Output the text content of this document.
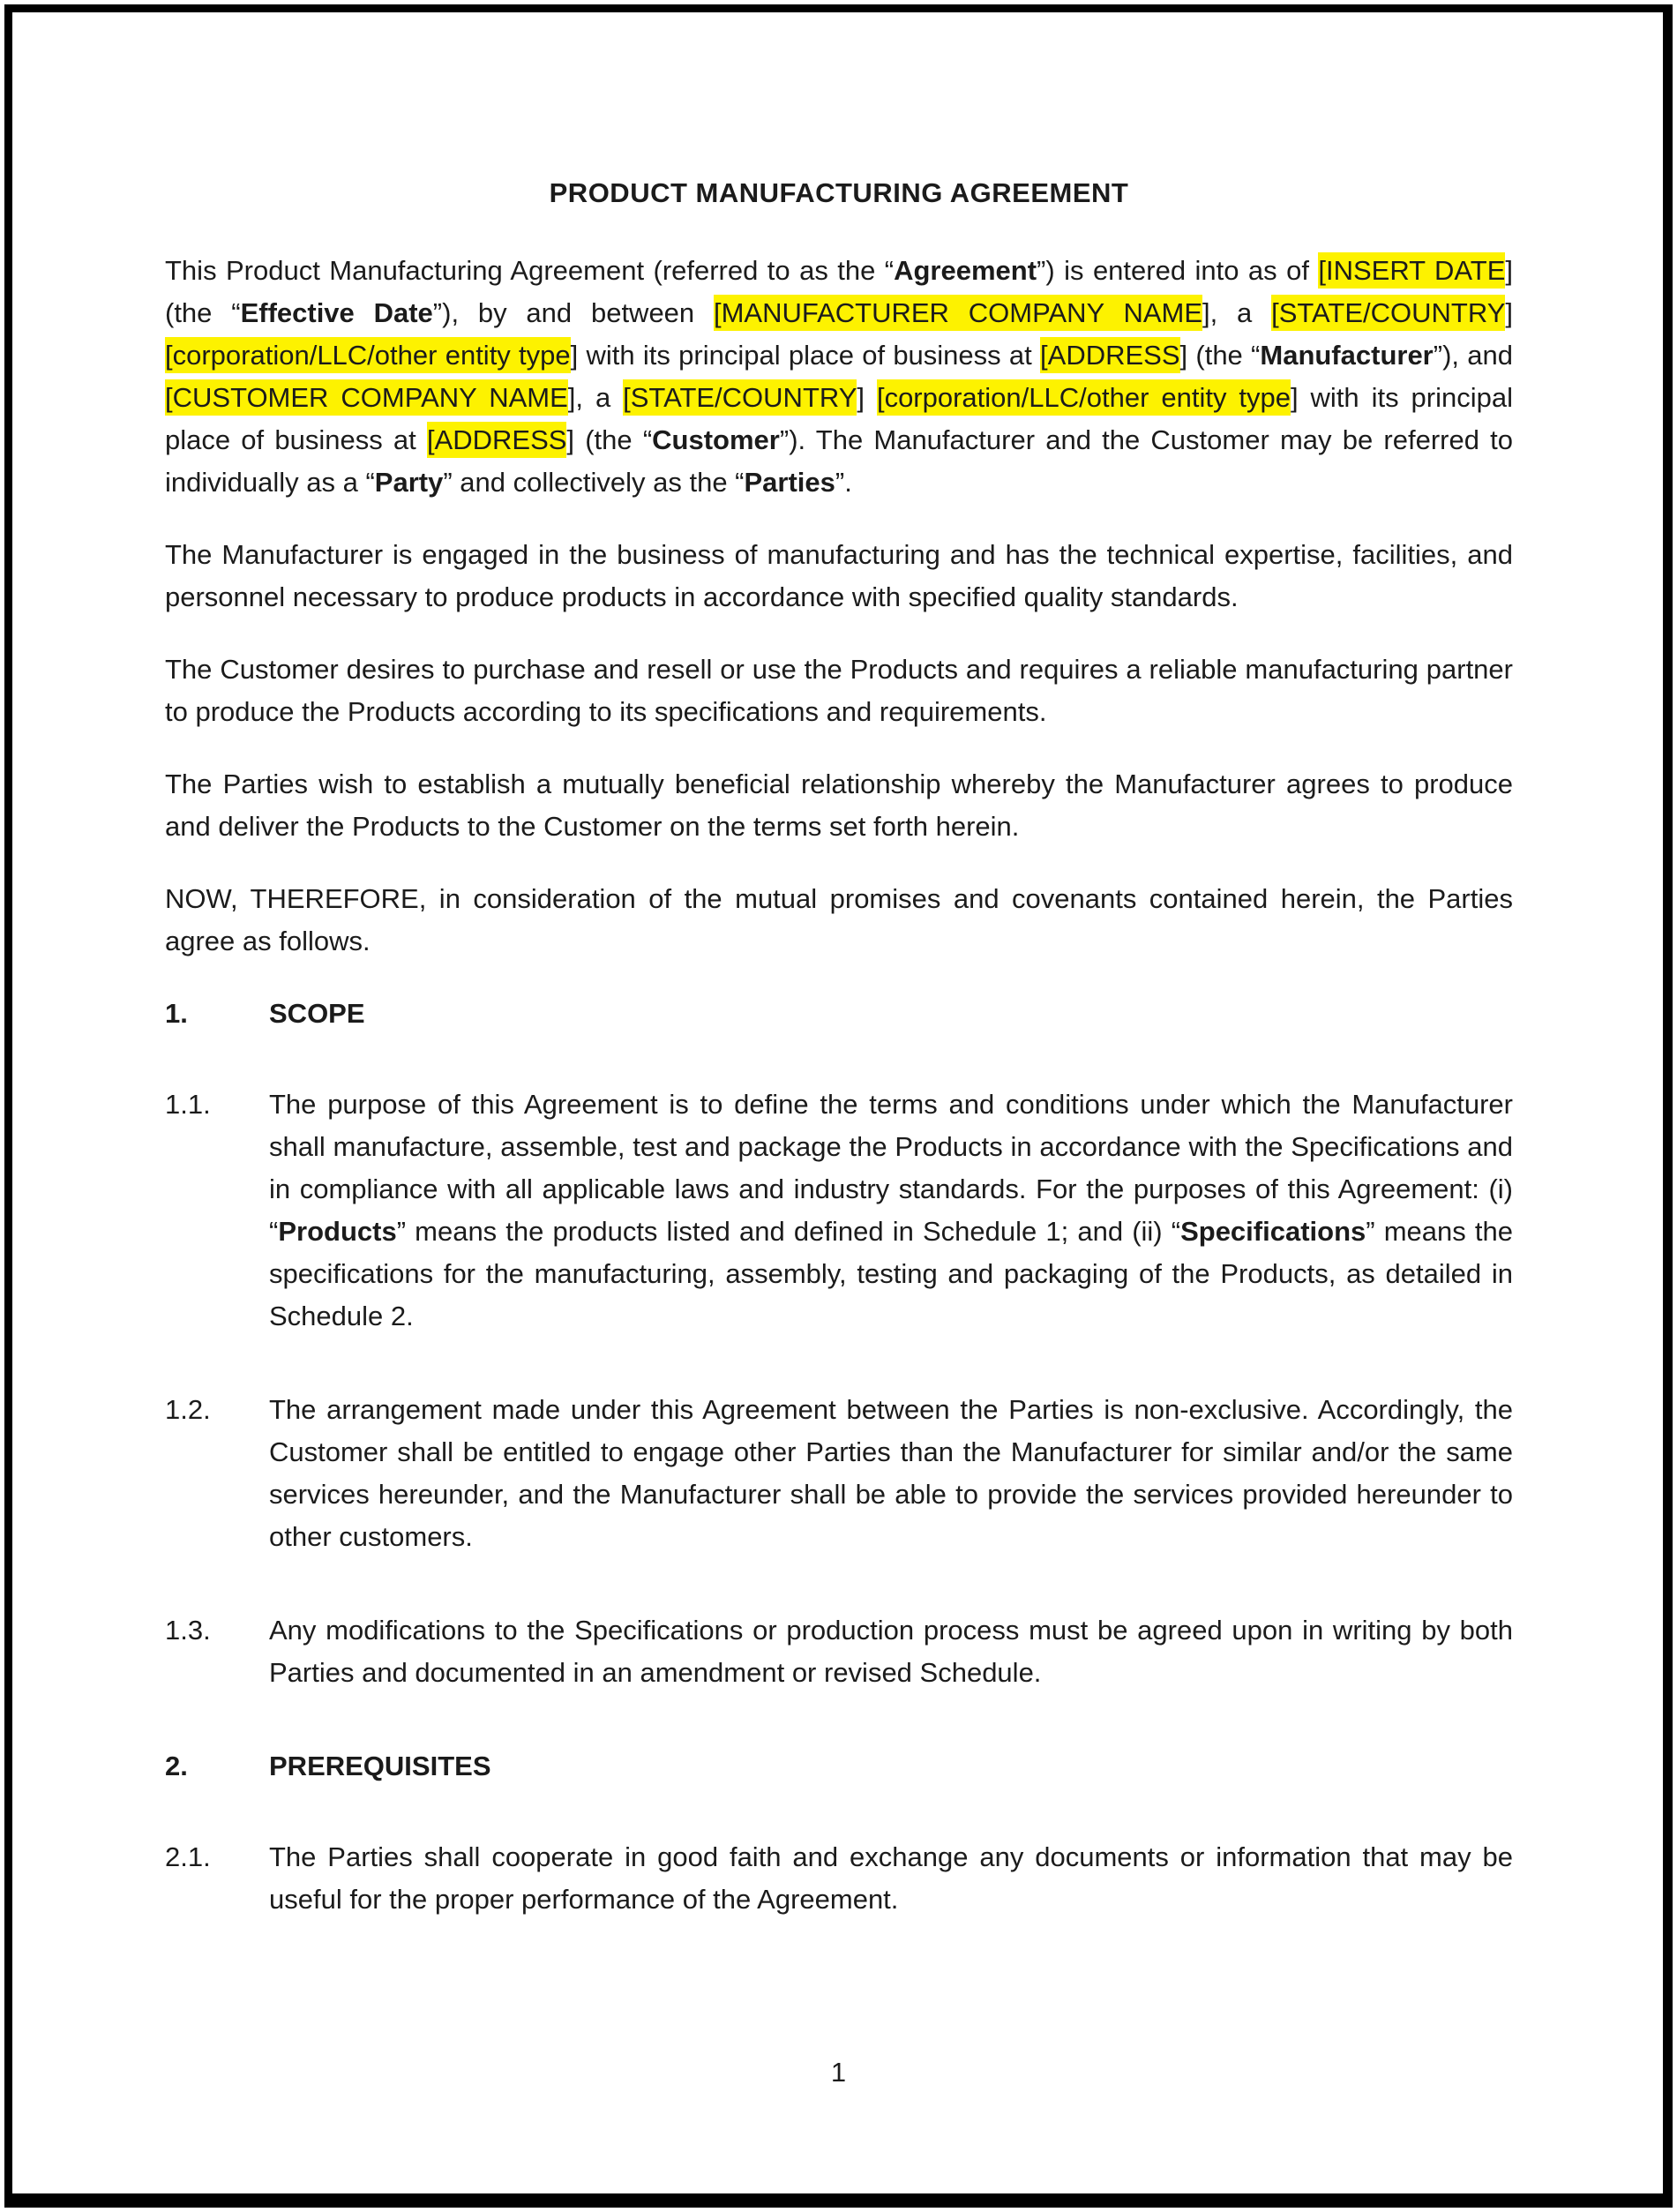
PRODUCT MANUFACTURING AGREEMENT

This Product Manufacturing Agreement (referred to as the “Agreement”) is entered into as of [INSERT DATE] (the “Effective Date”), by and between [MANUFACTURER COMPANY NAME], a [STATE/COUNTRY] [corporation/LLC/other entity type] with its principal place of business at [ADDRESS] (the “Manufacturer”), and [CUSTOMER COMPANY NAME], a [STATE/COUNTRY] [corporation/LLC/other entity type] with its principal place of business at [ADDRESS] (the “Customer”). The Manufacturer and the Customer may be referred to individually as a “Party” and collectively as the “Parties”.

The Manufacturer is engaged in the business of manufacturing and has the technical expertise, facilities, and personnel necessary to produce products in accordance with specified quality standards.

The Customer desires to purchase and resell or use the Products and requires a reliable manufacturing partner to produce the Products according to its specifications and requirements.

The Parties wish to establish a mutually beneficial relationship whereby the Manufacturer agrees to produce and deliver the Products to the Customer on the terms set forth herein.

NOW, THEREFORE, in consideration of the mutual promises and covenants contained herein, the Parties agree as follows.

1.	SCOPE
1.1.	The purpose of this Agreement is to define the terms and conditions under which the Manufacturer shall manufacture, assemble, test and package the Products in accordance with the Specifications and in compliance with all applicable laws and industry standards. For the purposes of this Agreement: (i) “Products” means the products listed and defined in Schedule 1; and (ii) “Specifications” means the specifications for the manufacturing, assembly, testing and packaging of the Products, as detailed in Schedule 2.

1.2.	The arrangement made under this Agreement between the Parties is non-exclusive. Accordingly, the Customer shall be entitled to engage other Parties than the Manufacturer for similar and/or the same services hereunder, and the Manufacturer shall be able to provide the services provided hereunder to other customers.

1.3.	Any modifications to the Specifications or production process must be agreed upon in writing by both Parties and documented in an amendment or revised Schedule.

2.	PREREQUISITES
2.1.	The Parties shall cooperate in good faith and exchange any documents or information that may be useful for the proper performance of the Agreement.

1
